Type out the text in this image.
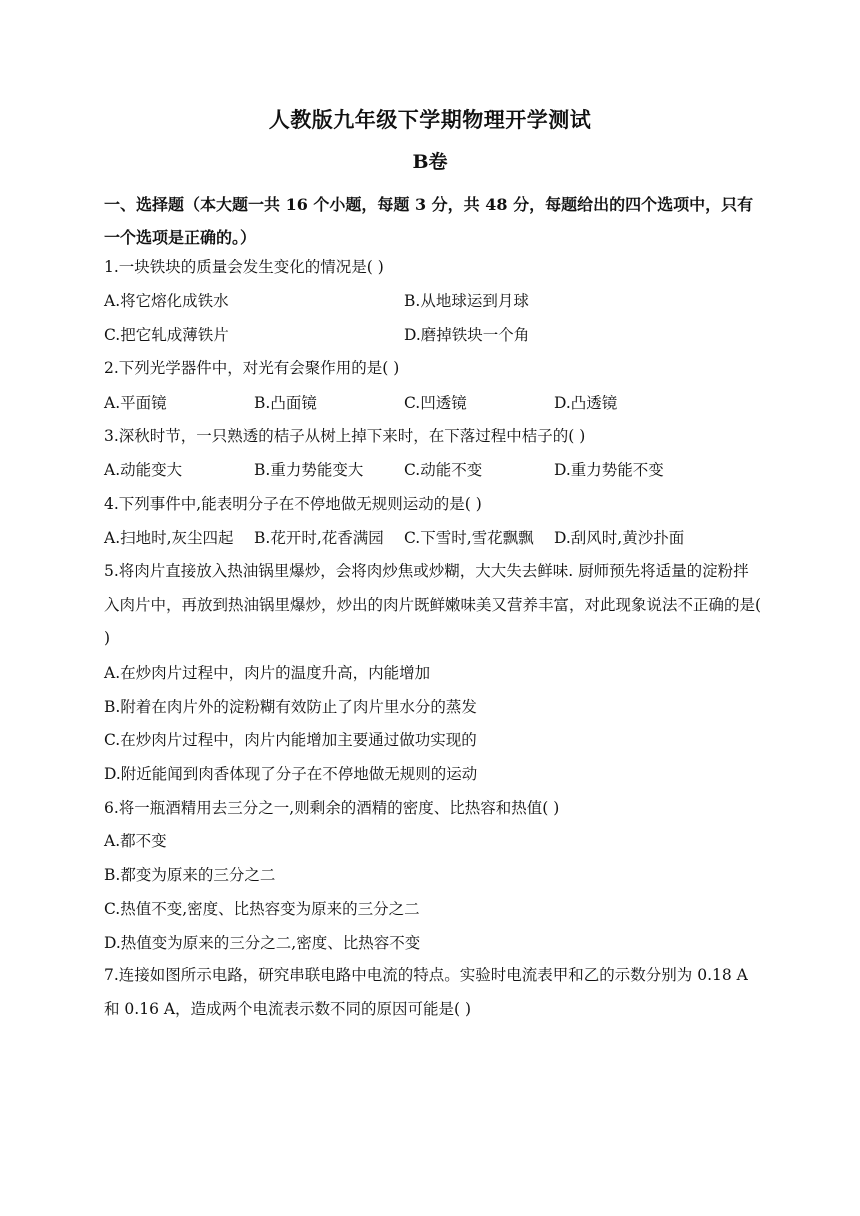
人教版九年级下学期物理开学测试
B卷
一、选择题（本大题一共 16 个小题，每题 3 分，共 48 分，每题给出的四个选项中，只有一个选项是正确的。）
1.一块铁块的质量会发生变化的情况是( )
A.将它熔化成铁水	B.从地球运到月球
C.把它轧成薄铁片	D.磨掉铁块一个角
2.下列光学器件中，对光有会聚作用的是( )
A.平面镜	B.凸面镜	C.凹透镜	D.凸透镜
3.深秋时节，一只熟透的桔子从树上掉下来时，在下落过程中桔子的( )
A.动能变大	B.重力势能变大	C.动能不变	D.重力势能不变
4.下列事件中,能表明分子在不停地做无规则运动的是( )
A.扫地时,灰尘四起 B.花开时,花香满园 C.下雪时,雪花飘飘 D.刮风时,黄沙扑面
5.将肉片直接放入热油锅里爆炒，会将肉炒焦或炒糊，大大失去鲜味. 厨师预先将适量的淀粉拌入肉片中，再放到热油锅里爆炒，炒出的肉片既鲜嫩味美又营养丰富，对此现象说法不正确的是( )
A.在炒肉片过程中，肉片的温度升高，内能增加
B.附着在肉片外的淀粉糊有效防止了肉片里水分的蒸发
C.在炒肉片过程中，肉片内能增加主要通过做功实现的
D.附近能闻到肉香体现了分子在不停地做无规则的运动
6.将一瓶酒精用去三分之一,则剩余的酒精的密度、比热容和热值( )
A.都不变
B.都变为原来的三分之二
C.热值不变,密度、比热容变为原来的三分之二
D.热值变为原来的三分之二,密度、比热容不变
7.连接如图所示电路，研究串联电路中电流的特点。实验时电流表甲和乙的示数分别为 0.18 A 和 0.16 A，造成两个电流表示数不同的原因可能是( )
